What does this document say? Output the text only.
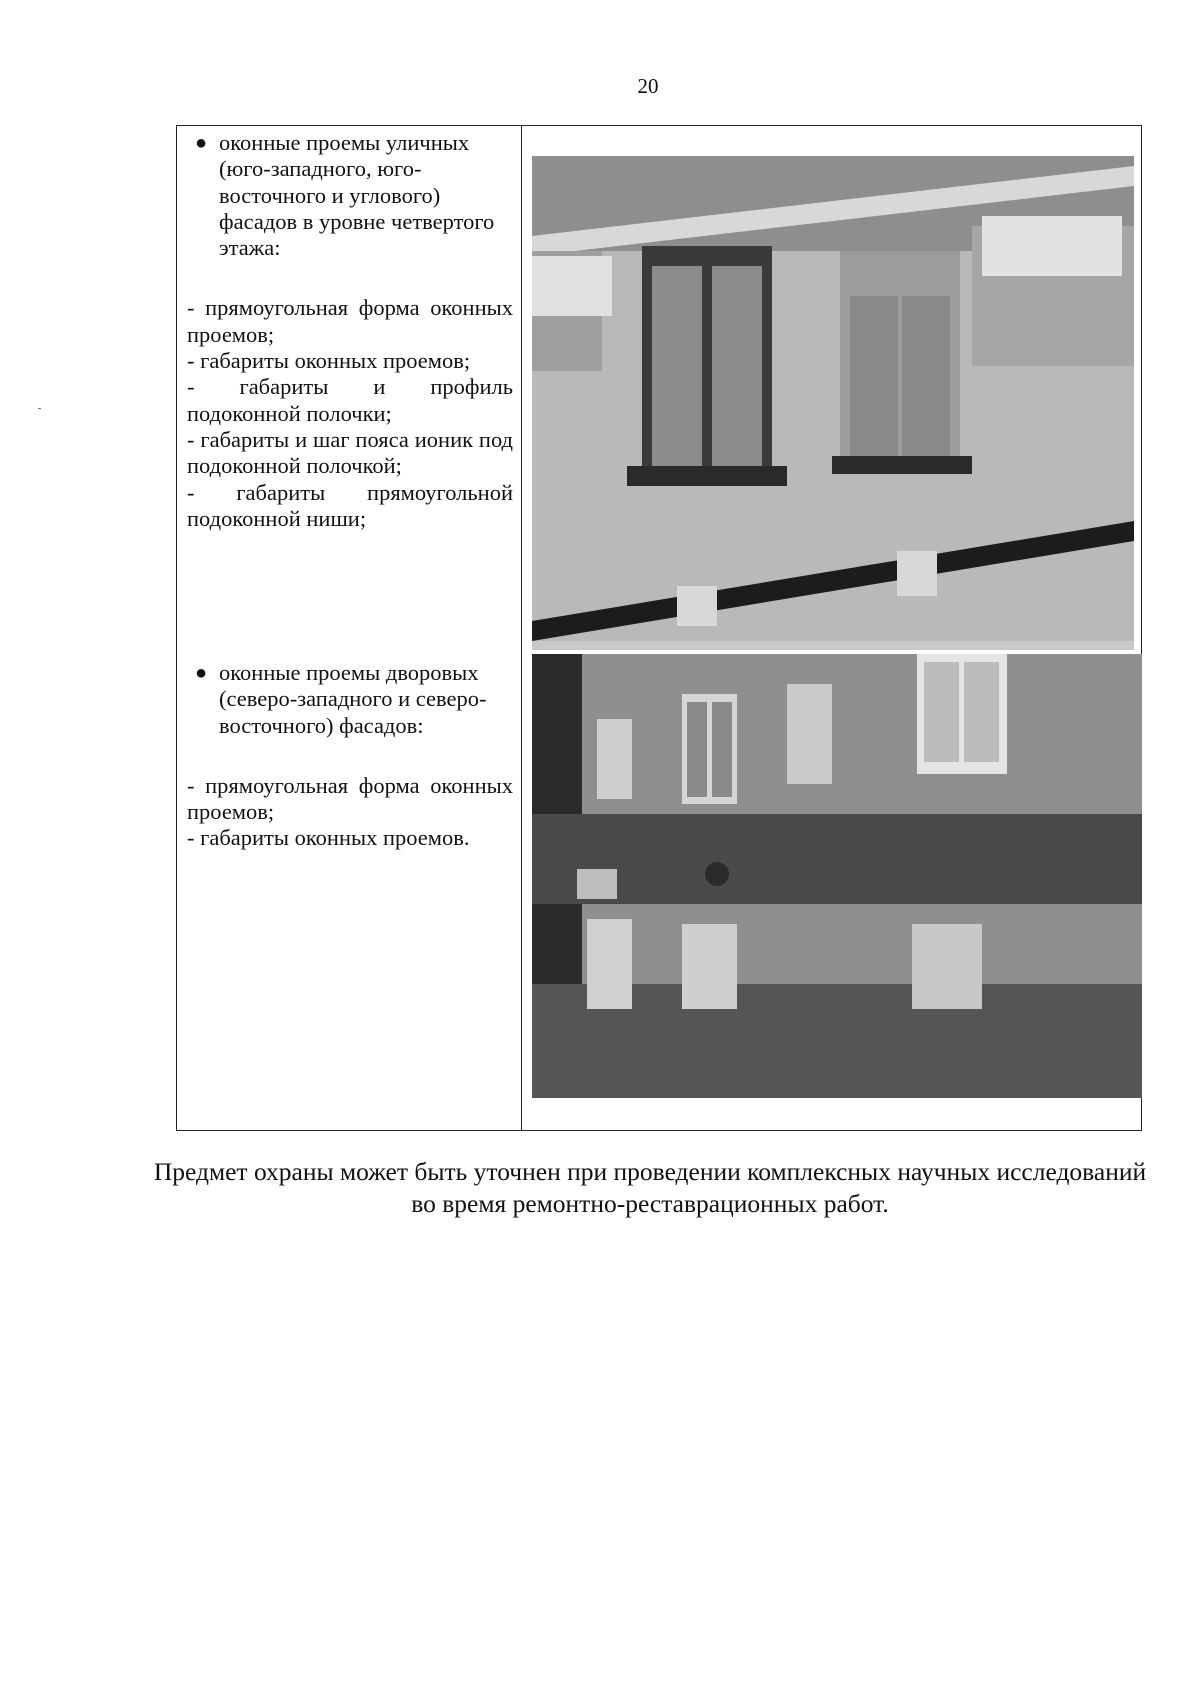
20
● оконные проемы уличных (юго-западного, юго-восточного и углового) фасадов в уровне четвертого этажа:
- прямоугольная форма оконных проемов;
- габариты оконных проемов;
- габариты и профиль подоконной полочки;
- габариты и шаг пояса ионик под подоконной полочкой;
- габариты прямоугольной подоконной ниши;
● оконные проемы дворовых (северо-западного и северо-восточного) фасадов:
- прямоугольная форма оконных проемов;
- габариты оконных проемов.
Предмет охраны может быть уточнен при проведении комплексных научных исследований во время ремонтно-реставрационных работ.
